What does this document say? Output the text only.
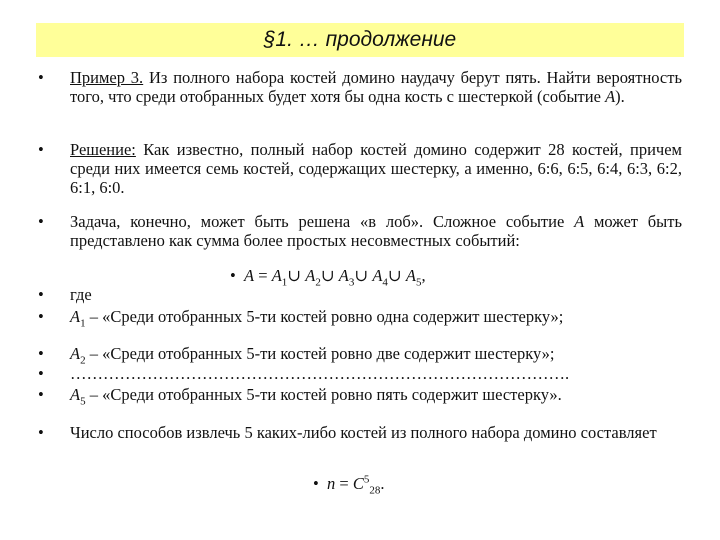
§1. … продолжение
•	Пример 3. Из полного набора костей домино наудачу берут пять. Найти вероятность того, что среди отобранных будет хотя бы одна кость с шестеркой (событие A).
•	Решение: Как известно, полный набор костей домино содержит 28 костей, причем среди них имеется семь костей, содержащих шестерку, а именно, 6:6, 6:5, 6:4, 6:3, 6:2, 6:1, 6:0.
•	Задача, конечно, может быть решена «в лоб». Сложное событие A может быть представлено как сумма более простых несовместных событий:
• $A = A_1\cup$ $A_2\cup$ $A_3\cup$ $A_4\cup$ $A_5$,
•	где
•	$A_1$ – «Среди отобранных 5-ти костей ровно одна содержит шестерку»;
•	$A_2$ – «Среди отобранных 5-ти костей ровно две содержит шестерку»;
•	……………………………………………………………………………….
•	$A_5$ – «Среди отобранных 5-ти костей ровно пять содержит шестерку».
•	Число способов извлечь 5 каких-либо костей из полного набора домино составляет
• $n = C^5_{28}$.
